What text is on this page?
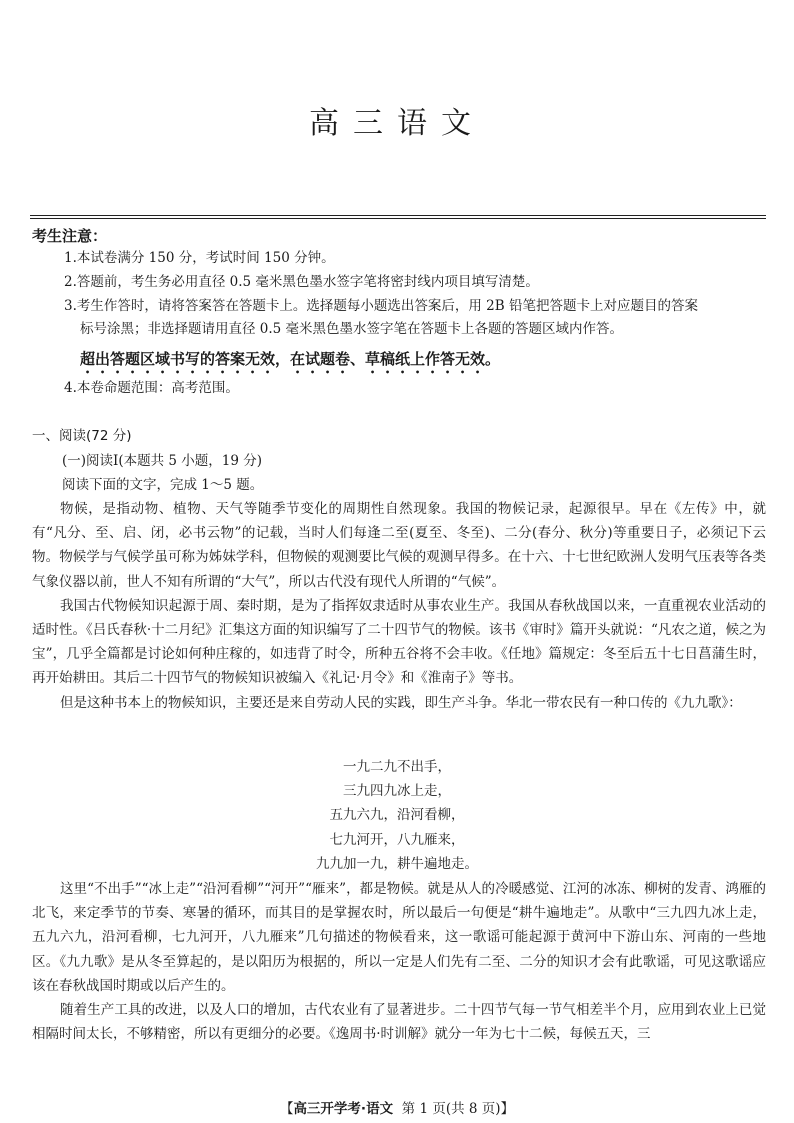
高三语文
考生注意：
1.本试卷满分 150 分，考试时间 150 分钟。
2.答题前，考生务必用直径 0.5 毫米黑色墨水签字笔将密封线内项目填写清楚。
3.考生作答时，请将答案答在答题卡上。选择题每小题选出答案后，用 2B 铅笔把答题卡上对应题目的答案
标号涂黑；非选择题请用直径 0.5 毫米黑色墨水签字笔在答题卡上各题的答题区域内作答。
超出答题区域书写的答案无效，在试题卷、草稿纸上作答无效。
4.本卷命题范围：高考范围。
一、阅读(72 分)
(一)阅读Ⅰ(本题共 5 小题，19 分)
阅读下面的文字，完成 1～5 题。

物候，是指动物、植物、天气等随季节变化的周期性自然现象。我国的物候记录，起源很早。早在《左传》中，就有“凡分、至、启、闭，必书云物”的记载，当时人们每逢二至(夏至、冬至)、二分(春分、秋分)等重要日子，必须记下云物。物候学与气候学虽可称为姊妹学科，但物候的观测要比气候的观测早得多。在十六、十七世纪欧洲人发明气压表等各类气象仪器以前，世人不知有所谓的“大气”，所以古代没有现代人所谓的“气候”。

我国古代物候知识起源于周、秦时期，是为了指挥奴隶适时从事农业生产。我国从春秋战国以来，一直重视农业活动的适时性。《吕氏春秋·十二月纪》汇集这方面的知识编写了二十四节气的物候。该书《审时》篇开头就说：“凡农之道，候之为宝”，几乎全篇都是讨论如何种庄稼的，如违背了时令，所种五谷将不会丰收。《任地》篇规定：冬至后五十七日菖蒲生时，再开始耕田。其后二十四节气的物候知识被编入《礼记·月令》和《淮南子》等书。

但是这种书本上的物候知识，主要还是来自劳动人民的实践，即生产斗争。华北一带农民有一种口传的《九九歌》：

一九二九不出手，
三九四九冰上走，
五九六九，沿河看柳，
七九河开，八九雁来，
九九加一九，耕牛遍地走。

这里“不出手”“冰上走”“沿河看柳”“河开”“雁来”，都是物候。就是从人的冷暖感觉、江河的冰冻、柳树的发青、鸿雁的北飞，来定季节的节奏、寒暑的循环，而其目的是掌握农时，所以最后一句便是“耕牛遍地走”。从歌中“三九四九冰上走，五九六九，沿河看柳，七九河开，八九雁来”几句描述的物候看来，这一歌谣可能起源于黄河中下游山东、河南的一些地区。《九九歌》是从冬至算起的，是以阳历为根据的，所以一定是人们先有二至、二分的知识才会有此歌谣，可见这歌谣应该在春秋战国时期或以后产生的。

随着生产工具的改进，以及人口的增加，古代农业有了显著进步。二十四节气每一节气相差半个月，应用到农业上已觉相隔时间太长，不够精密，所以有更细分的必要。《逸周书·时训解》就分一年为七十二候，每候五天，三

【高三开学考·语文 第 1 页(共 8 页)】
